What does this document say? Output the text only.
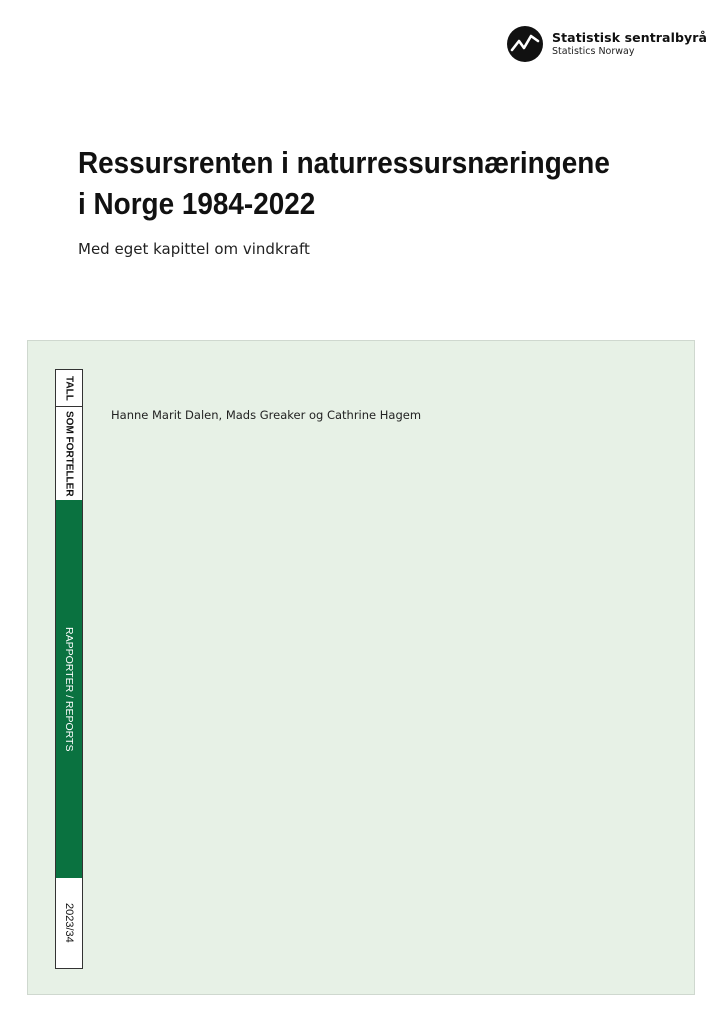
Statistisk sentralbyrå
Statistics Norway
Ressursrenten i naturressursnæringene i Norge 1984-2022
Med eget kapittel om vindkraft
TALL
SOM FORTELLER
RAPPORTER / REPORTS
2023/34
Hanne Marit Dalen, Mads Greaker og Cathrine Hagem
